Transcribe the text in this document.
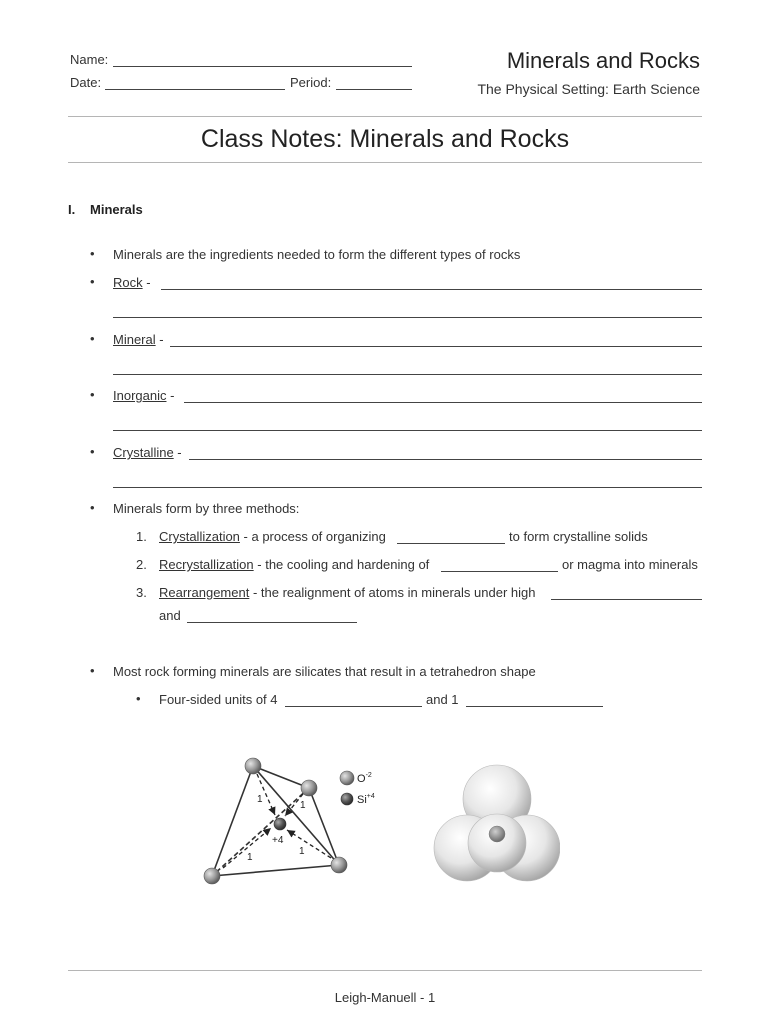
Name:
Date:	Period:
Minerals and Rocks
The Physical Setting: Earth Science
Class Notes: Minerals and Rocks
I. Minerals
• Minerals are the ingredients needed to form the different types of rocks
• Rock -
• Mineral -
• Inorganic -
• Crystalline -
• Minerals form by three methods:
1. Crystallization - a process of organizing	to form crystalline solids
2. Recrystallization - the cooling and hardening of	or magma into minerals
3. Rearrangement - the realignment of atoms in minerals under high
and
• Most rock forming minerals are silicates that result in a tetrahedron shape
• Four-sided units of 4	and 1
1
1
1
1
+4
$O^{-2}$
$Si^{+4}$
Leigh-Manuell - 1
